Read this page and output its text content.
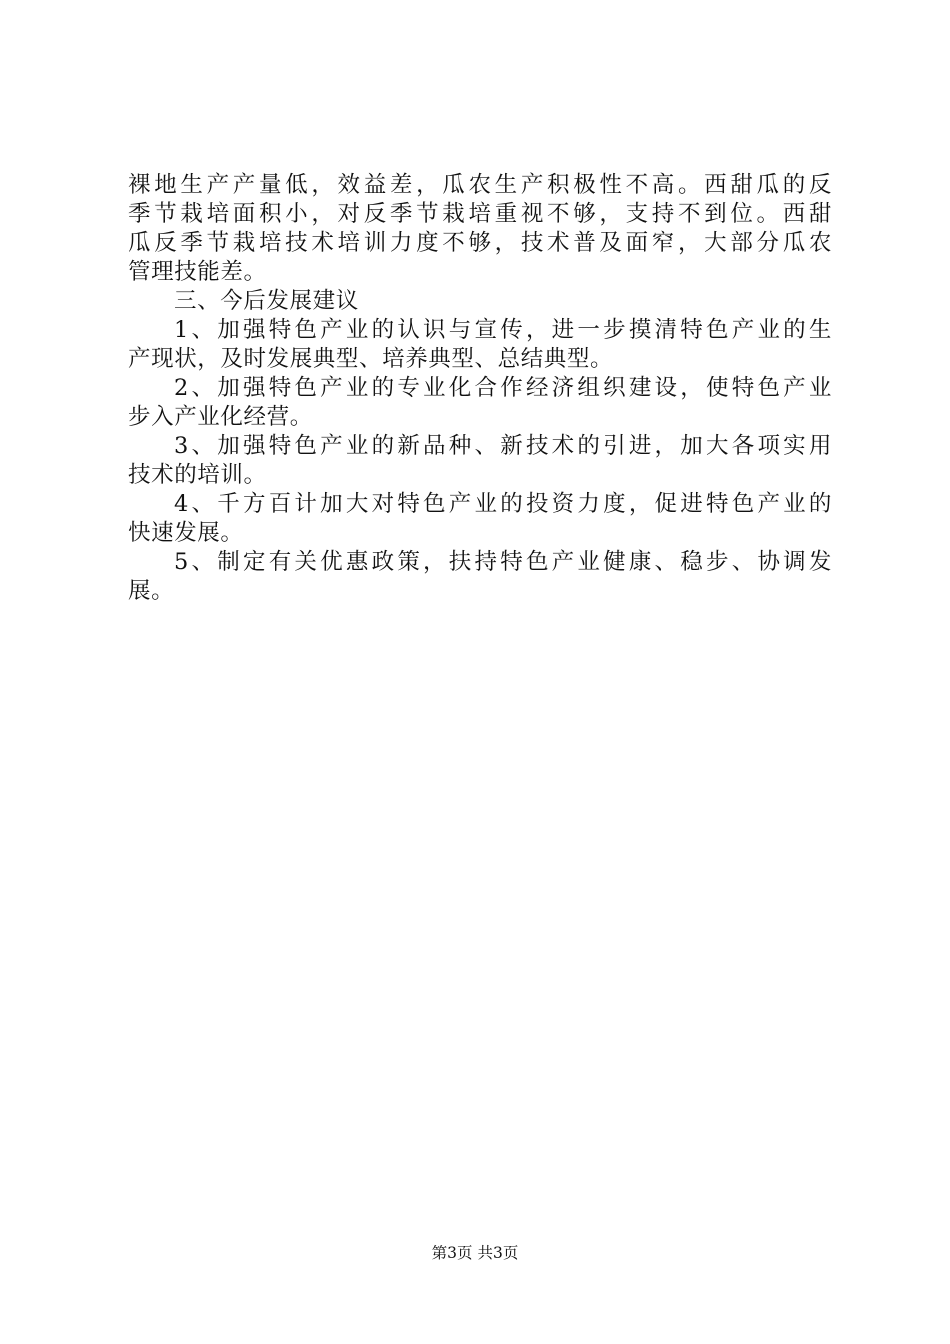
裸地生产产量低，效益差，瓜农生产积极性不高。西甜瓜的反
季节栽培面积小，对反季节栽培重视不够，支持不到位。西甜
瓜反季节栽培技术培训力度不够，技术普及面窄，大部分瓜农
管理技能差。
三、今后发展建议
1、加强特色产业的认识与宣传，进一步摸清特色产业的生
产现状，及时发展典型、培养典型、总结典型。
2、加强特色产业的专业化合作经济组织建设，使特色产业
步入产业化经营。
3、加强特色产业的新品种、新技术的引进，加大各项实用
技术的培训。
4、千方百计加大对特色产业的投资力度，促进特色产业的
快速发展。
5、制定有关优惠政策，扶持特色产业健康、稳步、协调发
展。
第3页 共3页
